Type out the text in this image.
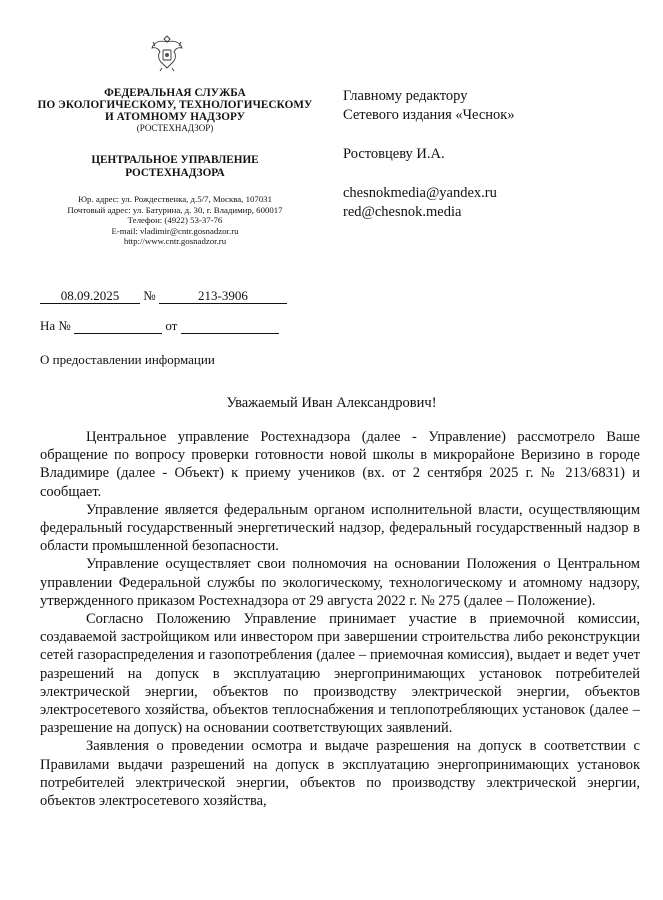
ФЕДЕРАЛЬНАЯ СЛУЖБА
ПО ЭКОЛОГИЧЕСКОМУ, ТЕХНОЛОГИЧЕСКОМУ
И АТОМНОМУ НАДЗОРУ
(РОСТЕХНАДЗОР)
ЦЕНТРАЛЬНОЕ УПРАВЛЕНИЕ
РОСТЕХНАДЗОРА
Юр. адрес: ул. Рождественка, д.5/7, Москва, 107031
Почтовый адрес: ул. Батурина, д. 30, г. Владимир, 600017
Телефон: (4922) 53-37-76
E-mail: vladimir@cntr.gosnadzor.ru
http://www.cntr.gosnadzor.ru
Главному редактору
Сетевого издания «Чеснок»
Ростовцеву И.А.
chesnokmedia@yandex.ru
red@chesnok.media
08.09.2025 №	213-3906
На №	от
О предоставлении информации
Уважаемый Иван Александрович!

Центральное управление Ростехнадзора (далее - Управление) рассмотрело Ваше обращение по вопросу проверки готовности новой школы в микрорайоне Веризино в городе Владимире (далее - Объект) к приему учеников (вх. от 2 сентября 2025 г. № 213/6831) и сообщает.

Управление является федеральным органом исполнительной власти, осуществляющим федеральный государственный энергетический надзор, федеральный государственный надзор в области промышленной безопасности.

Управление осуществляет свои полномочия на основании Положения о Центральном управлении Федеральной службы по экологическому, технологическому и атомному надзору, утвержденного приказом Ростехнадзора от 29 августа 2022 г. № 275 (далее – Положение).

Согласно Положению Управление принимает участие в приемочной комиссии, создаваемой застройщиком или инвестором при завершении строительства либо реконструкции сетей газораспределения и газопотребления (далее – приемочная комиссия), выдает и ведет учет разрешений на допуск в эксплуатацию энергопринимающих установок потребителей электрической энергии, объектов по производству электрической энергии, объектов электросетевого хозяйства, объектов теплоснабжения и теплопотребляющих установок (далее – разрешение на допуск) на основании соответствующих заявлений.

Заявления о проведении осмотра и выдаче разрешения на допуск в соответствии с Правилами выдачи разрешений на допуск в эксплуатацию энергопринимающих установок потребителей электрической энергии, объектов по производству электрической энергии, объектов электросетевого хозяйства,
